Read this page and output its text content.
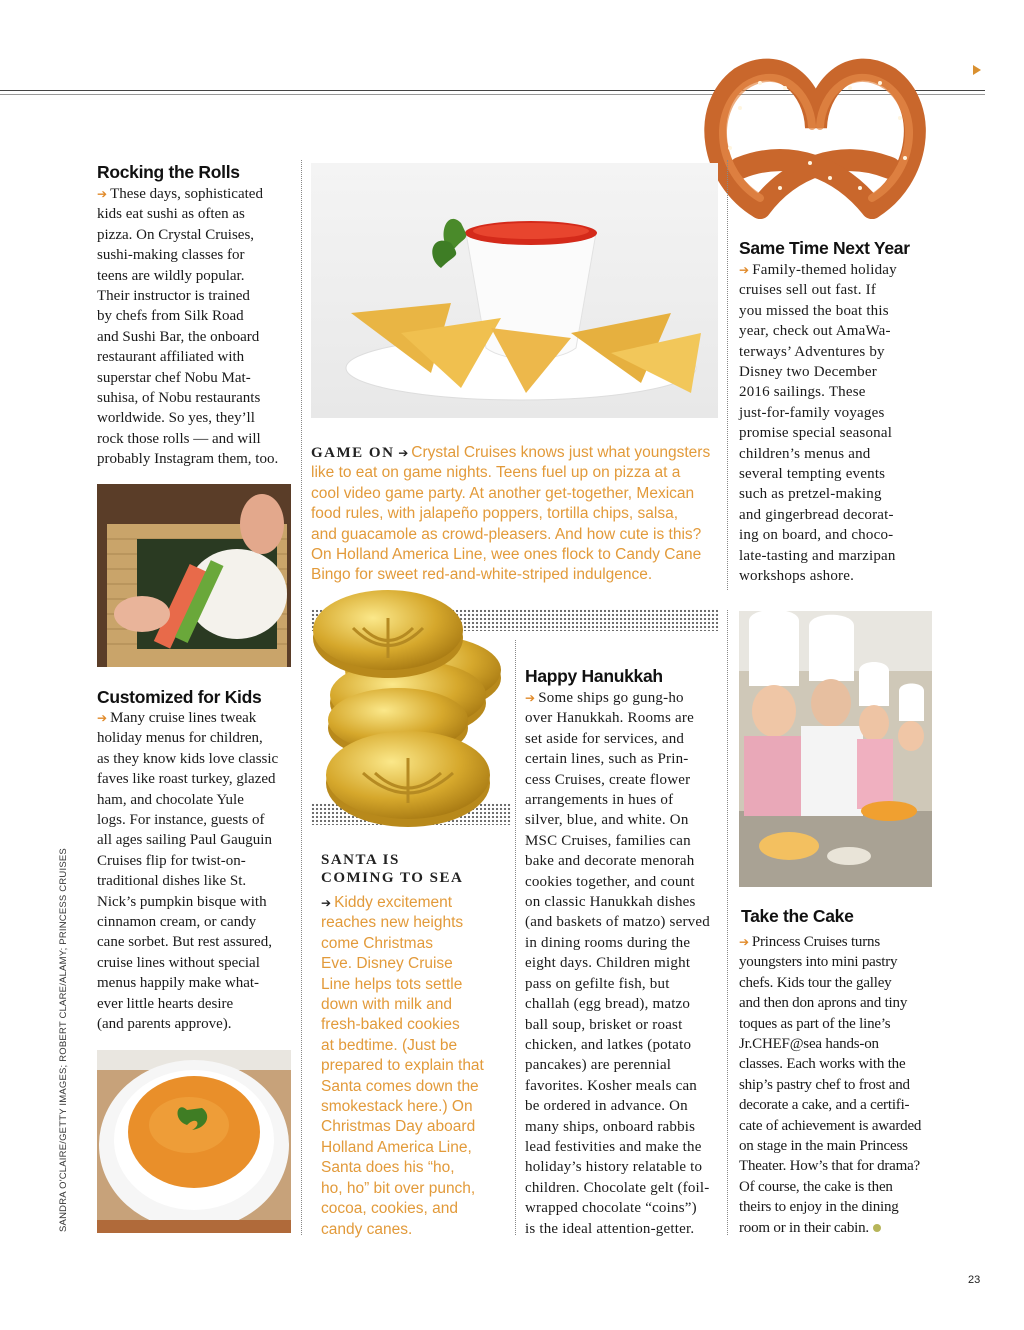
Rocking the Rolls
➔ These days, sophisticated
kids eat sushi as often as
pizza. On Crystal Cruises,
sushi-making classes for
teens are wildly popular.
Their instructor is trained
by chefs from Silk Road
and Sushi Bar, the onboard
restaurant affiliated with
superstar chef Nobu Mat-
suhisa, of Nobu restaurants
worldwide. So yes, they’ll
rock those rolls — and will
probably Instagram them, too.	GAME ON ➔ Crystal Cruises knows just what youngsters
like to eat on game nights. Teens fuel up on pizza at a
cool video game party. At another get-together, Mexican
food rules, with jalapeño poppers, tortilla chips, salsa,
and guacamole as crowd-pleasers. And how cute is this?
On Holland America Line, wee ones flock to Candy Cane
Bingo for sweet red-and-white-striped indulgence.
Same Time Next Year
➔ Family-themed holiday
cruises sell out fast. If
you missed the boat this
year, check out AmaWa-
terways’ Adventures by
Disney two December
2016 sailings. These
just-for-family voyages
promise special seasonal
children’s menus and
several tempting events
such as pretzel-making
and gingerbread decorat-
ing on board, and choco-
late-tasting and marzipan
workshops ashore.
Customized for Kids
➔ Many cruise lines tweak
holiday menus for children,
as they know kids love classic
faves like roast turkey, glazed
ham, and chocolate Yule
logs. For instance, guests of
all ages sailing Paul Gauguin
Cruises flip for twist-on-
traditional dishes like St.
Nick’s pumpkin bisque with
cinnamon cream, or candy
cane sorbet. But rest assured,
cruise lines without special
menus happily make what-
ever little hearts desire
(and parents approve).
SANTA IS
COMING TO SEA
➔ Kiddy excitement
reaches new heights
come Christmas
Eve. Disney Cruise
Line helps tots settle
down with milk and
fresh-baked cookies
at bedtime. (Just be
prepared to explain that
Santa comes down the
smokestack here.) On
Christmas Day aboard
Holland America Line,
Santa does his “ho,
ho, ho” bit over punch,
cocoa, cookies, and
candy canes.
Happy Hanukkah
➔ Some ships go gung-ho
over Hanukkah. Rooms are
set aside for services, and
certain lines, such as Prin-
cess Cruises, create flower
arrangements in hues of
silver, blue, and white. On
MSC Cruises, families can
bake and decorate menorah
cookies together, and count
on classic Hanukkah dishes
(and baskets of matzo) served
in dining rooms during the
eight days. Children might
pass on gefilte fish, but
challah (egg bread), matzo
ball soup, brisket or roast
chicken, and latkes (potato
pancakes) are perennial
favorites. Kosher meals can
be ordered in advance. On
many ships, onboard rabbis
lead festivities and make the
holiday’s history relatable to
children. Chocolate gelt (foil-
wrapped chocolate “coins”)
is the ideal attention-getter.
Take the Cake
➔ Princess Cruises turns
youngsters into mini pastry
chefs. Kids tour the galley
and then don aprons and tiny
toques as part of the line’s
Jr.CHEF@sea hands-on
classes. Each works with the
ship’s pastry chef to frost and
decorate a cake, and a certifi-
cate of achievement is awarded
on stage in the main Princess
Theater. How’s that for drama?
Of course, the cake is then
theirs to enjoy in the dining
room or in their cabin.
SANDRA O'CLAIRE/GETTY IMAGES; ROBERT CLARE/ALAMY; PRINCESS CRUISES
23
